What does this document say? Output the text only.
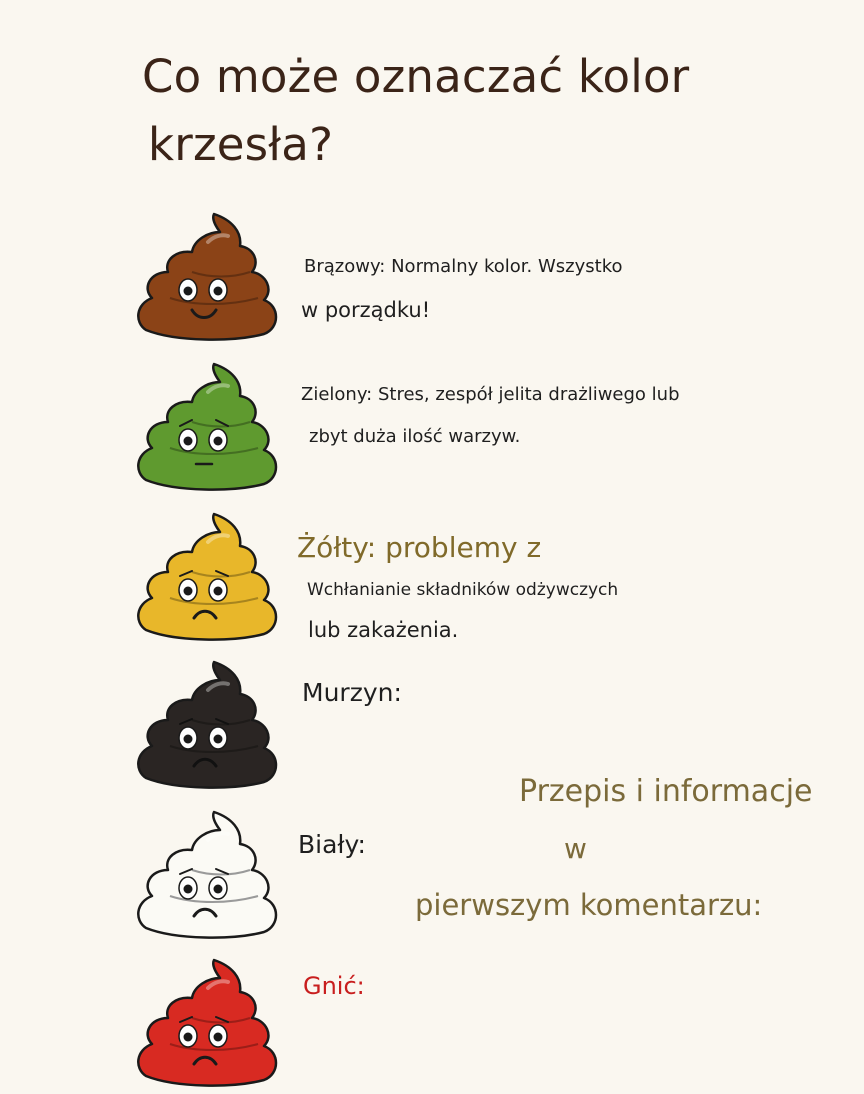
Co może oznaczać kolor
krzesła?
Brązowy: Normalny kolor. Wszystko
w porządku!
Zielony: Stres, zespół jelita drażliwego lub
zbyt duża ilość warzyw.
Żółty: problemy z
Wchłanianie składników odżywczych
lub zakażenia.
Murzyn:
Biały:
Gnić:
Przepis i informacje
w
pierwszym komentarzu:
